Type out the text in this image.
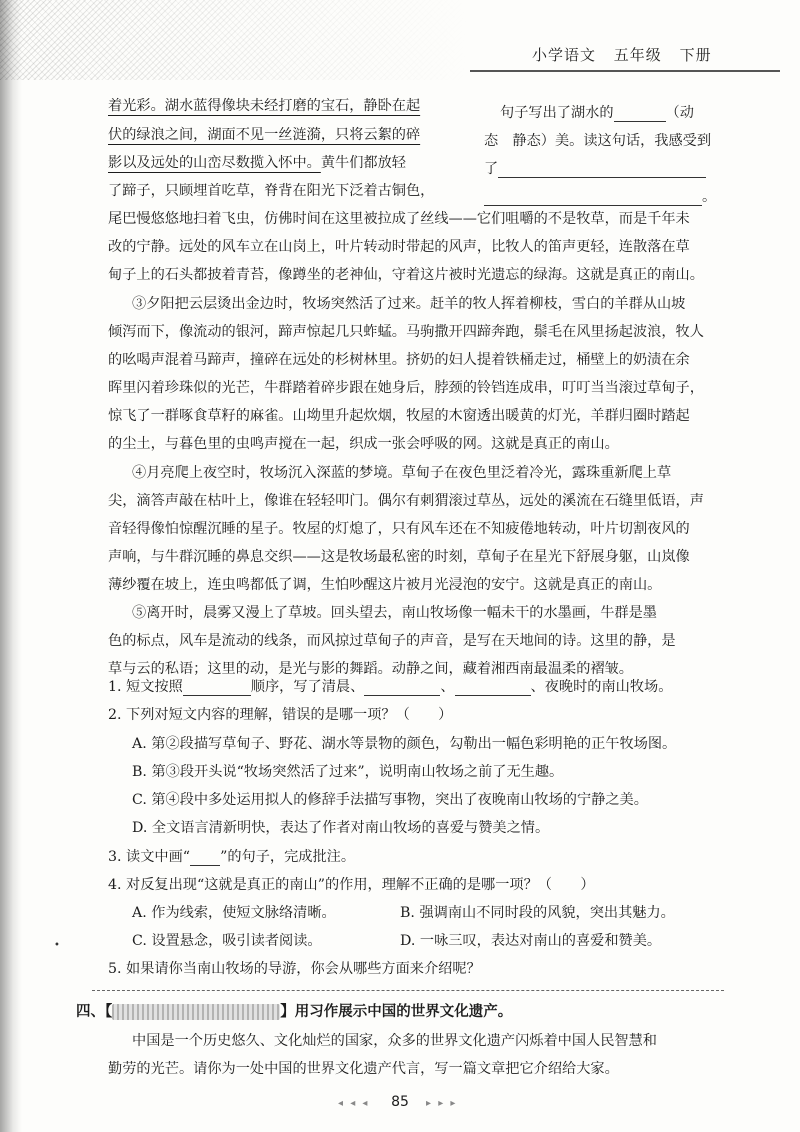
小学语文 五年级 下册
着光彩。湖水蓝得像块未经打磨的宝石，静卧在起
伏的绿浪之间，湖面不见一丝涟漪，只将云絮的碎
影以及远处的山峦尽数揽入怀中。黄牛们都放轻
了蹄子，只顾埋首吃草，脊背在阳光下泛着古铜色，
尾巴慢悠悠地扫着飞虫，仿佛时间在这里被拉成了丝线——它们咀嚼的不是牧草，而是千年未
改的宁静。远处的风车立在山岗上，叶片转动时带起的风声，比牧人的笛声更轻，连散落在草
甸子上的石头都披着青苔，像蹲坐的老神仙，守着这片被时光遗忘的绿海。这就是真正的南山。
③夕阳把云层烫出金边时，牧场突然活了过来。赶羊的牧人挥着柳枝，雪白的羊群从山坡
倾泻而下，像流动的银河，蹄声惊起几只蚱蜢。马驹撒开四蹄奔跑，鬃毛在风里扬起波浪，牧人
的吆喝声混着马蹄声，撞碎在远处的杉树林里。挤奶的妇人提着铁桶走过，桶壁上的奶渍在余
晖里闪着珍珠似的光芒，牛群踏着碎步跟在她身后，脖颈的铃铛连成串，叮叮当当滚过草甸子，
惊飞了一群啄食草籽的麻雀。山坳里升起炊烟，牧屋的木窗透出暖黄的灯光，羊群归圈时踏起
的尘土，与暮色里的虫鸣声搅在一起，织成一张会呼吸的网。这就是真正的南山。
④月亮爬上夜空时，牧场沉入深蓝的梦境。草甸子在夜色里泛着冷光，露珠重新爬上草
尖，滴答声敲在枯叶上，像谁在轻轻叩门。偶尔有刺猬滚过草丛，远处的溪流在石缝里低语，声
音轻得像怕惊醒沉睡的星子。牧屋的灯熄了，只有风车还在不知疲倦地转动，叶片切割夜风的
声响，与牛群沉睡的鼻息交织——这是牧场最私密的时刻，草甸子在星光下舒展身躯，山岚像
薄纱覆在坡上，连虫鸣都低了调，生怕吵醒这片被月光浸泡的安宁。这就是真正的南山。
⑤离开时，晨雾又漫上了草坡。回头望去，南山牧场像一幅未干的水墨画，牛群是墨
色的标点，风车是流动的线条，而风掠过草甸子的声音，是写在天地间的诗。这里的静，是
草与云的私语；这里的动，是光与影的舞蹈。动静之间，藏着湘西南最温柔的褶皱。
句子写出了湖水的	（动
态　静态）美。读这句话，我感受到
了
。
1. 短文按照	顺序，写了清晨、	、	、夜晚时的南山牧场。
2. 下列对短文内容的理解，错误的是哪一项？（　　）
A. 第②段描写草甸子、野花、湖水等景物的颜色，勾勒出一幅色彩明艳的正午牧场图。
B. 第③段开头说“牧场突然活了过来”，说明南山牧场之前了无生趣。
C. 第④段中多处运用拟人的修辞手法描写事物，突出了夜晚南山牧场的宁静之美。
D. 全文语言清新明快，表达了作者对南山牧场的喜爱与赞美之情。
3. 读文中画“ ”的句子，完成批注。
4. 对反复出现“这就是真正的南山”的作用，理解不正确的是哪一项？（　　）
A. 作为线索，使短文脉络清晰。	B. 强调南山不同时段的风貌，突出其魅力。
C. 设置悬念，吸引读者阅读。	D. 一咏三叹，表达对南山的喜爱和赞美。
•
5. 如果请你当南山牧场的导游，你会从哪些方面来介绍呢？
四、【	】用习作展示中国的世界文化遗产。
中国是一个历史悠久、文化灿烂的国家，众多的世界文化遗产闪烁着中国人民智慧和
勤劳的光芒。请你为一处中国的世界文化遗产代言，写一篇文章把它介绍给大家。
◂ ◂ ◂	85	▸ ▸ ▸
